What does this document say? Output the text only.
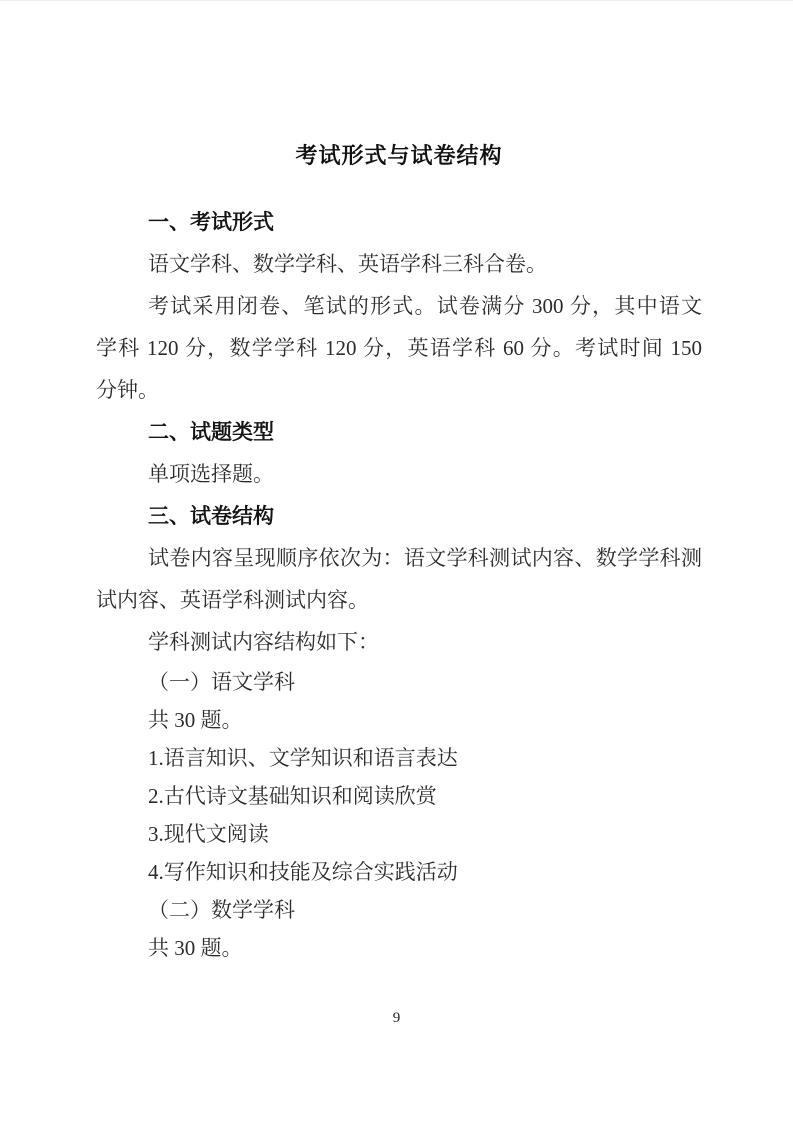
考试形式与试卷结构
一、考试形式
语文学科、数学学科、英语学科三科合卷。
考试采用闭卷、笔试的形式。试卷满分 300 分，其中语文
学科 120 分，数学学科 120 分，英语学科 60 分。考试时间 150
分钟。
二、试题类型
单项选择题。
三、试卷结构
试卷内容呈现顺序依次为：语文学科测试内容、数学学科测
试内容、英语学科测试内容。
学科测试内容结构如下：
（一）语文学科
共 30 题。
1.语言知识、文学知识和语言表达
2.古代诗文基础知识和阅读欣赏
3.现代文阅读
4.写作知识和技能及综合实践活动
（二）数学学科
共 30 题。
9
